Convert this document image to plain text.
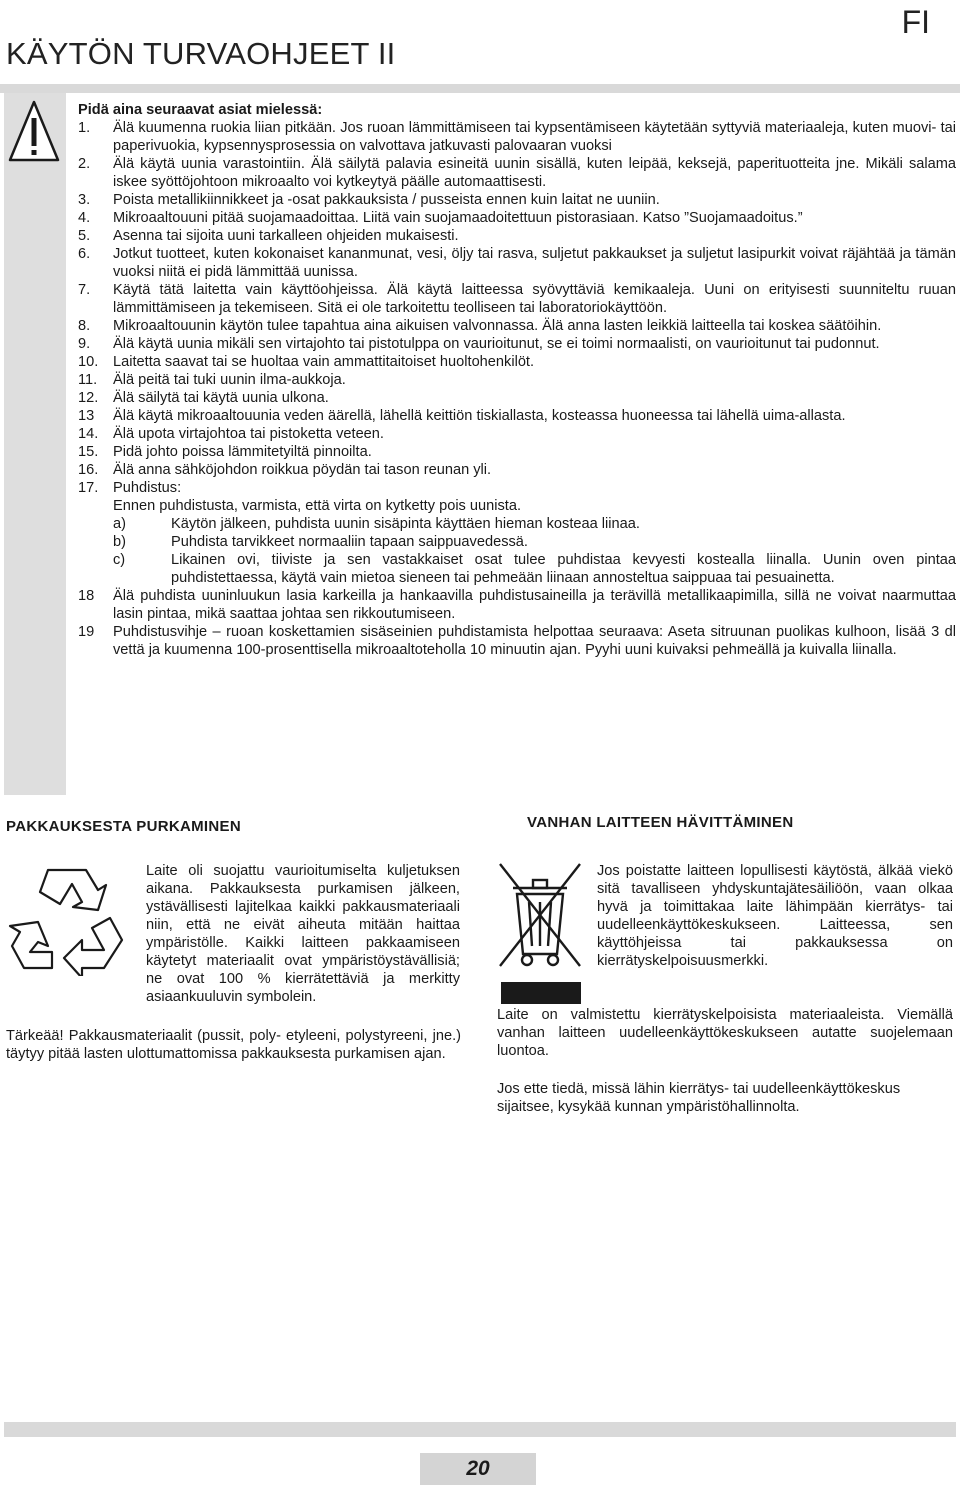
FI
KÄYTÖN TURVAOHJEET II

Pidä aina seuraavat asiat mielessä:

1.	Älä kuumenna ruokia liian pitkään. Jos ruoan lämmittämiseen tai kypsentämiseen käytetään syttyviä materiaaleja, kuten muovi- tai paperivuokia, kypsennysprosessia on valvottava jatkuvasti palovaaran vuoksi
2.	Älä käytä uunia varastointiin. Älä säilytä palavia esineitä uunin sisällä, kuten leipää, keksejä, paperituotteita jne. Mikäli salama iskee syöttöjohtoon mikroaalto voi kytkeytyä päälle automaattisesti.
3.	Poista metallikiinnikkeet ja -osat pakkauksista / pusseista ennen kuin laitat ne uuniin.
4.	Mikroaaltouuni pitää suojamaadoittaa. Liitä vain suojamaadoitettuun pistorasiaan. Katso ”Suojamaadoitus.”
5.	Asenna tai sijoita uuni tarkalleen ohjeiden mukaisesti.
6.	Jotkut tuotteet, kuten kokonaiset kananmunat, vesi, öljy tai rasva, suljetut pakkaukset ja suljetut lasipurkit voivat räjähtää ja tämän vuoksi niitä ei pidä lämmittää uunissa.
7.	Käytä tätä laitetta vain käyttöohjeissa. Älä käytä laitteessa syövyttäviä kemikaaleja. Uuni on erityisesti suunniteltu ruuan lämmittämiseen ja tekemiseen. Sitä ei ole tarkoitettu teolliseen tai laboratoriokäyttöön.
8.	Mikroaaltouunin käytön tulee tapahtua aina aikuisen valvonnassa. Älä anna lasten leikkiä laitteella tai koskea säätöihin.
9.	Älä käytä uunia mikäli sen virtajohto tai pistotulppa on vaurioitunut, se ei toimi normaalisti, on vaurioitunut tai pudonnut.
10.	Laitetta saavat tai se huoltaa vain ammattitaitoiset huoltohenkilöt.
11.	Älä peitä tai tuki uunin ilma-aukkoja.
12.	Älä säilytä tai käytä uunia ulkona.
13	Älä käytä mikroaaltouunia veden äärellä, lähellä keittiön tiskiallasta, kosteassa huoneessa tai lähellä uima-allasta.
14.	Älä upota virtajohtoa tai pistoketta veteen.
15.	Pidä johto poissa lämmitetyiltä pinnoilta.
16.	Älä anna sähköjohdon roikkua pöydän tai tason reunan yli.
17.	Puhdistus:

Ennen puhdistusta, varmista, että virta on kytketty pois uunista.

a)	Käytön jälkeen, puhdista uunin sisäpinta käyttäen hieman kosteaa liinaa.
b)	Puhdista tarvikkeet normaaliin tapaan saippuavedessä.
c)	Likainen ovi, tiiviste ja sen vastakkaiset osat tulee puhdistaa kevyesti kostealla liinalla. Uunin oven pintaa puhdistettaessa, käytä vain mietoa sieneen tai pehmeään liinaan annosteltua saippuaa tai pesuainetta.
18	Älä puhdista uuninluukun lasia karkeilla ja hankaavilla puhdistusaineilla ja terävillä metallikaapimilla, sillä ne voivat naarmuttaa lasin pintaa, mikä saattaa johtaa sen rikkoutumiseen.
19	Puhdistusvihje – ruoan koskettamien sisäseinien puhdistamista helpottaa seuraava: Aseta sitruunan puolikas kulhoon, lisää 3 dl vettä ja kuumenna 100-prosenttisella mikroaaltoteholla 10 minuutin ajan. Pyyhi uuni kuivaksi pehmeällä ja kuivalla liinalla.
PAKKAUKSESTA PURKAMINEN
Laite oli suojattu vaurioitumiselta kuljetuksen aikana. Pakkauksesta purkamisen jälkeen, ystävällisesti lajitelkaa kaikki pakkausmateriaali niin, että ne eivät aiheuta mitään haittaa ympäristölle. Kaikki laitteen pakkaamiseen käytetyt materiaalit ovat ympäristöystävällisiä; ne ovat 100 % kierrätettäviä ja merkitty asiaankuuluvin symbolein.
Tärkeää! Pakkausmateriaalit (pussit, poly- etyleeni, polystyreeni, jne.) täytyy pitää lasten ulottumattomissa pakkauksesta purkamisen ajan.
VANHAN LAITTEEN HÄVITTÄMINEN
Jos poistatte laitteen lopullisesti käytöstä, älkää viekö sitä tavalliseen yhdyskuntajätesäiliöön, vaan olkaa hyvä ja toimittakaa laite lähimpään kierrätys- tai uudelleenkäyttökeskukseen. Laitteessa, sen käyttöhjeissa tai pakkauksessa on kierrätyskelpoisuusmerkki.
Laite on valmistettu kierrätyskelpoisista materiaaleista. Viemällä vanhan laitteen uudelleenkäyttökeskukseen autatte suojelemaan luontoa.
Jos ette tiedä, missä lähin kierrätys- tai uudelleenkäyttökeskus sijaitsee, kysykää kunnan ympäristöhallinnolta.
20
